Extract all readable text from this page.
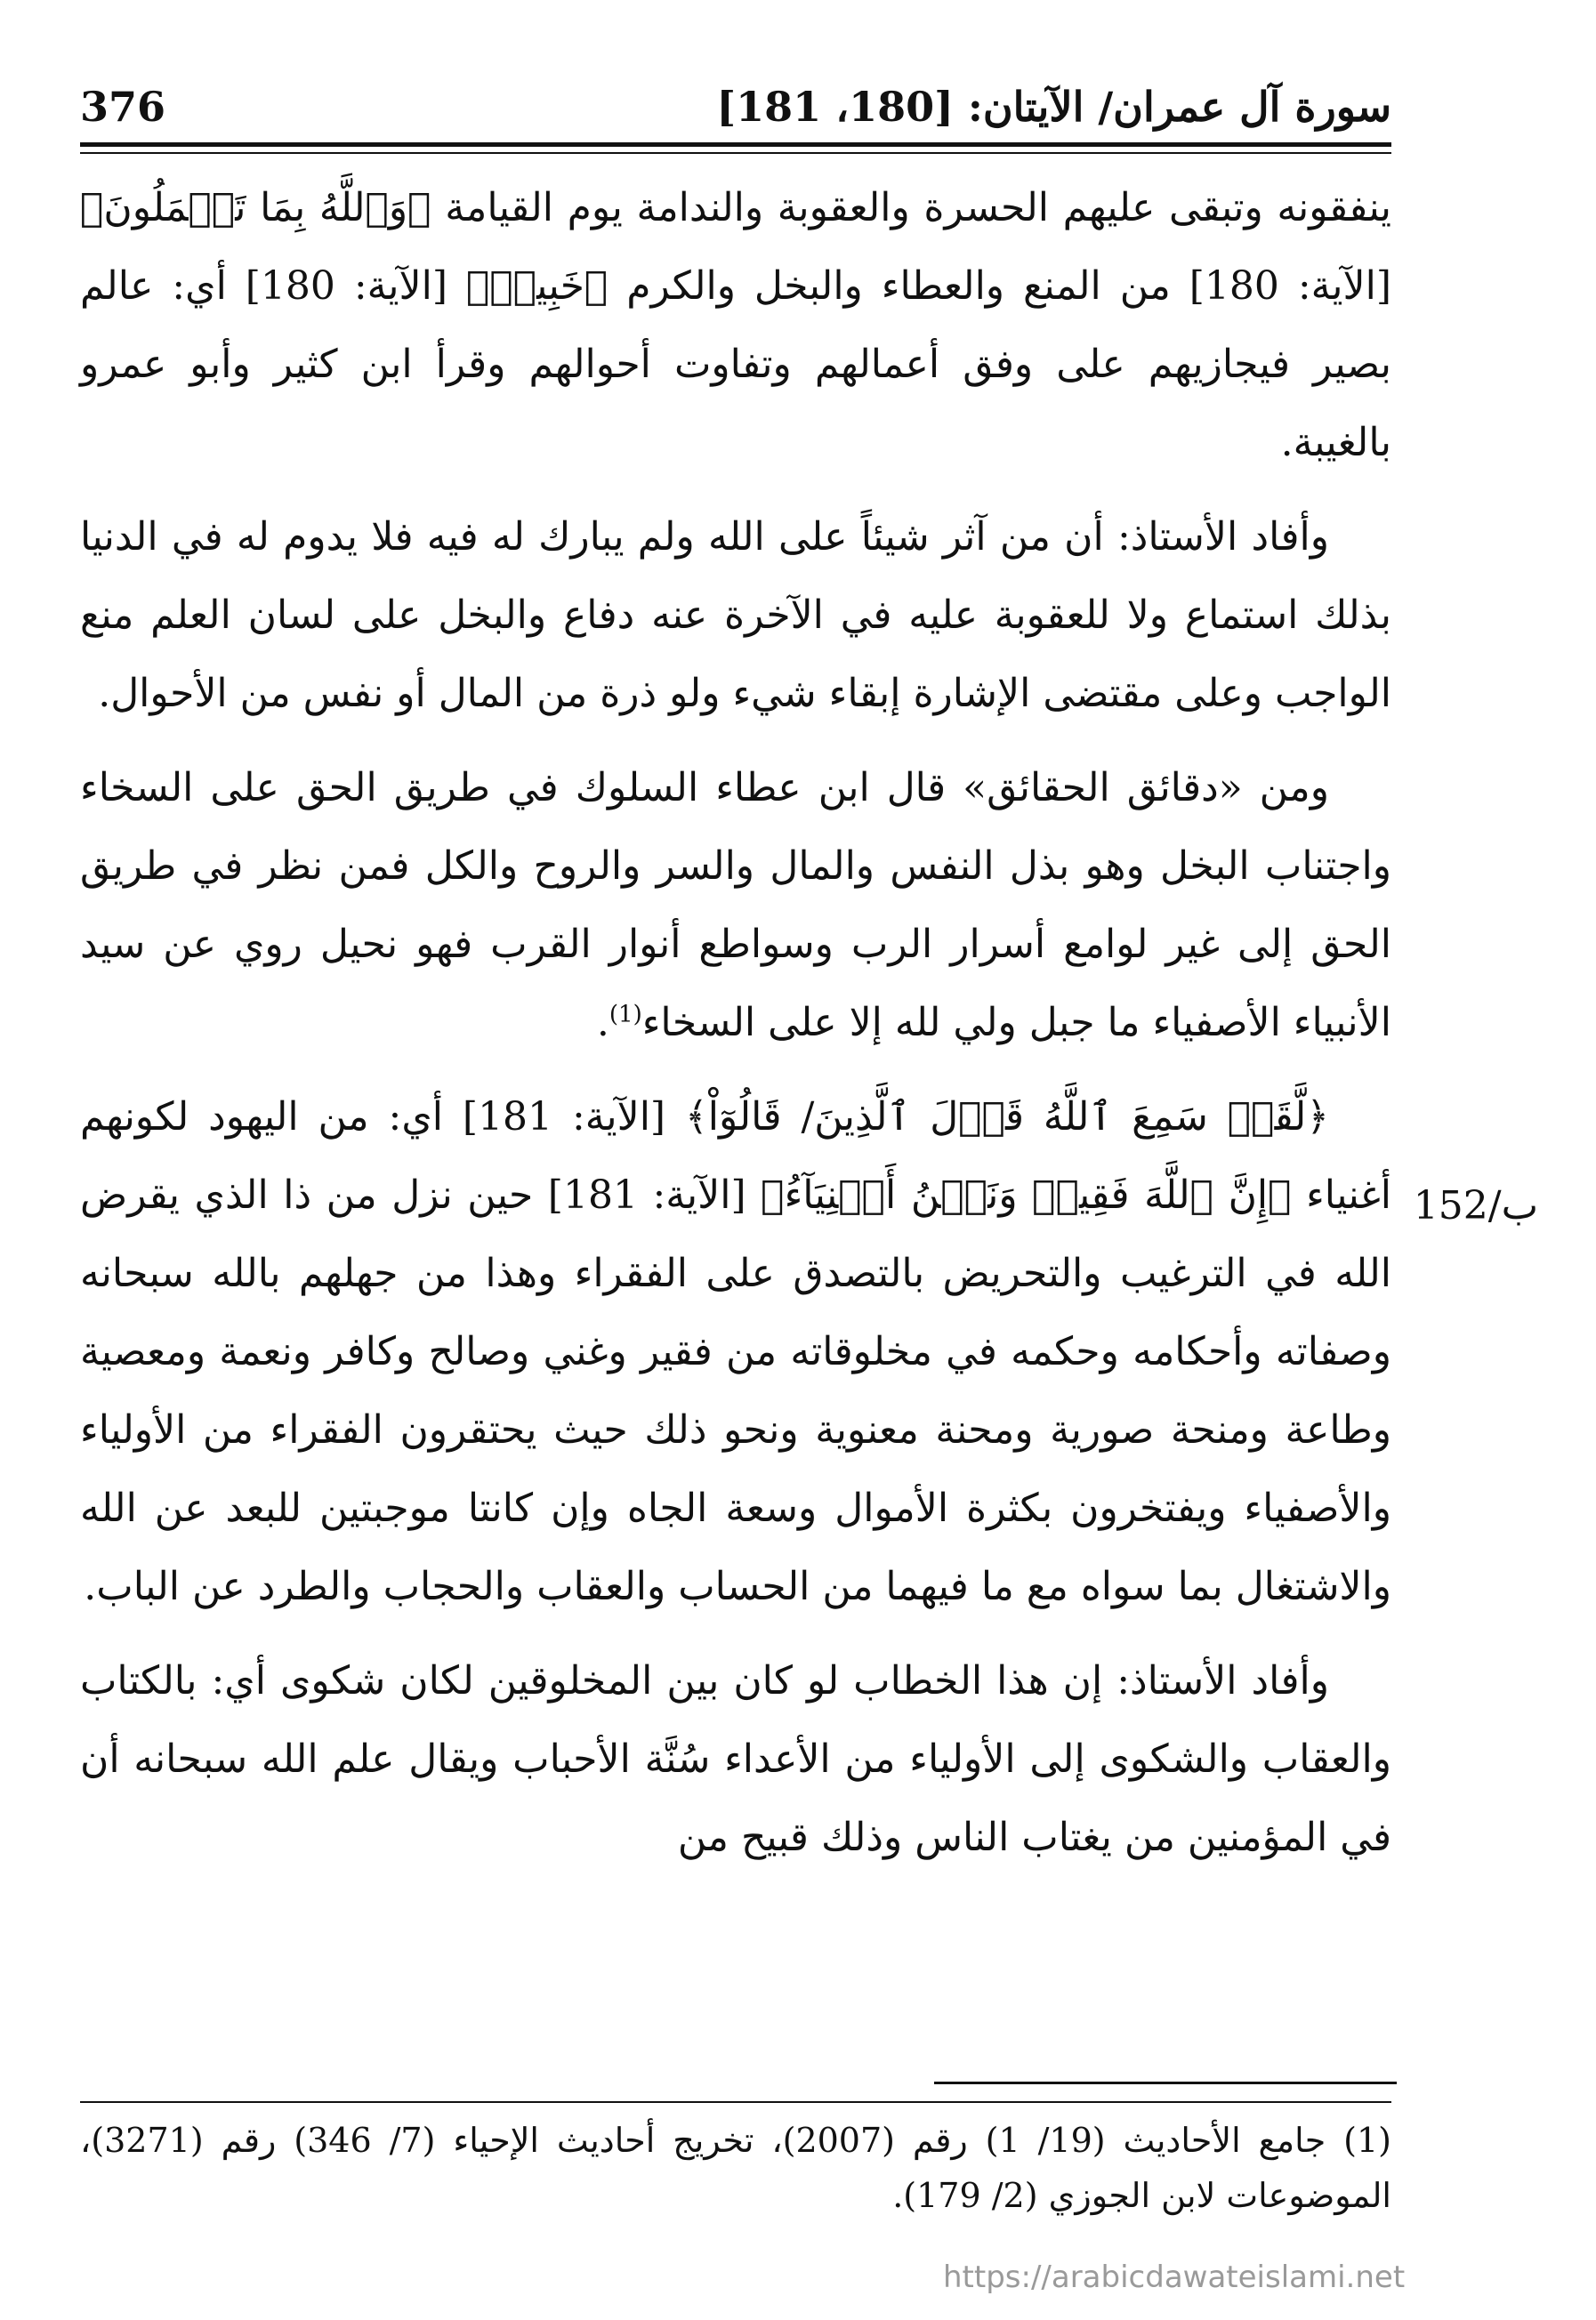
376	سورة آل عمران/ الآيتان: [180، 181]

ينفقونه وتبقى عليهم الحسرة والعقوبة والندامة يوم القيامة ﴿وَٱللَّهُ بِمَا تَعۡمَلُونَ﴾ [الآية: 180] من المنع والعطاء والبخل والكرم ﴿خَبِيرٞ﴾ [الآية: 180] أي: عالم بصير فيجازيهم على وفق أعمالهم وتفاوت أحوالهم وقرأ ابن كثير وأبو عمرو بالغيبة.

وأفاد الأستاذ: أن من آثر شيئاً على الله ولم يبارك له فيه فلا يدوم له في الدنيا بذلك استماع ولا للعقوبة عليه في الآخرة عنه دفاع والبخل على لسان العلم منع الواجب وعلى مقتضى الإشارة إبقاء شيء ولو ذرة من المال أو نفس من الأحوال.

ومن «دقائق الحقائق» قال ابن عطاء السلوك في طريق الحق على السخاء واجتناب البخل وهو بذل النفس والمال والسر والروح والكل فمن نظر في طريق الحق إلى غير لوامع أسرار الرب وسواطع أنوار القرب فهو نحيل روي عن سيد الأنبياء الأصفياء ما جبل ولي لله إلا على السخاء$^{(1)}$.

﴿لَّقَدۡ سَمِعَ ٱللَّهُ قَوۡلَ ٱلَّذِينَ/ قَالُوٓاْ﴾ [الآية: 181] أي: من اليهود لكونهم أغنياء ﴿إِنَّ ٱللَّهَ فَقِيرٞ وَنَحۡنُ أَغۡنِيَآءُ﴾ [الآية: 181] حين نزل من ذا الذي يقرض الله في الترغيب والتحريض بالتصدق على الفقراء وهذا من جهلهم بالله سبحانه وصفاته وأحكامه وحكمه في مخلوقاته من فقير وغني وصالح وكافر ونعمة ومعصية وطاعة ومنحة صورية ومحنة معنوية ونحو ذلك حيث يحتقرون الفقراء من الأولياء والأصفياء ويفتخرون بكثرة الأموال وسعة الجاه وإن كانتا موجبتين للبعد عن الله والاشتغال بما سواه مع ما فيهما من الحساب والعقاب والحجاب والطرد عن الباب.

وأفاد الأستاذ: إن هذا الخطاب لو كان بين المخلوقين لكان شكوى أي: بالكتاب والعقاب والشكوى إلى الأولياء من الأعداء سُنَّة الأحباب ويقال علم الله سبحانه أن في المؤمنين من يغتاب الناس وذلك قبيح من

152/ب
(1) جامع الأحاديث (19/ 1) رقم (2007)، تخريج أحاديث الإحياء (7/ 346) رقم (3271)، الموضوعات لابن الجوزي (2/ 179).
https://arabicdawateislami.net
